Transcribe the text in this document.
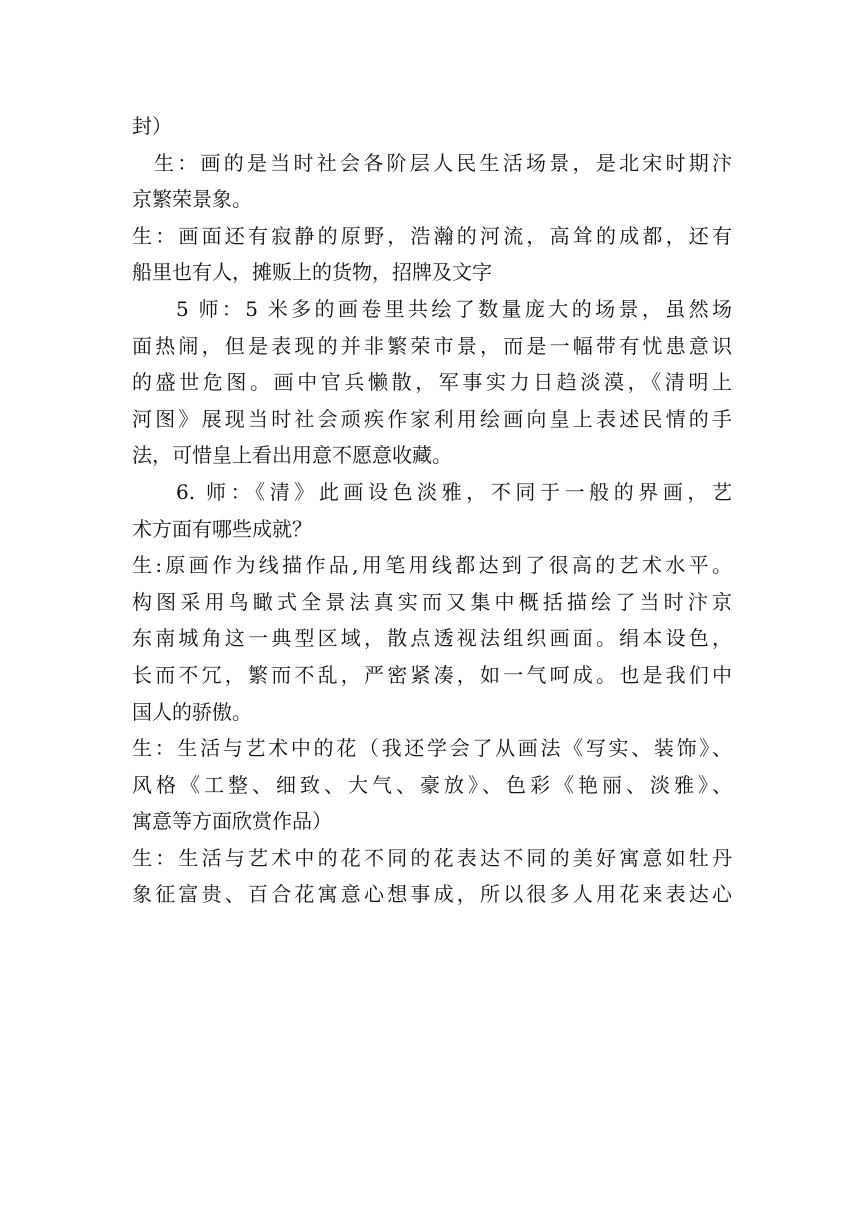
封）
生：画的是当时社会各阶层人民生活场景，是北宋时期汴
京繁荣景象。
生：画面还有寂静的原野，浩瀚的河流，高耸的成都，还有
船里也有人，摊贩上的货物，招牌及文字
5 师：5 米多的画卷里共绘了数量庞大的场景，虽然场
面热闹，但是表现的并非繁荣市景，而是一幅带有忧患意识
的盛世危图。画中官兵懒散，军事实力日趋淡漠，《清明上
河图》展现当时社会顽疾作家利用绘画向皇上表述民情的手
法，可惜皇上看出用意不愿意收藏。
6. 师：《清》此画设色淡雅，不同于一般的界画，艺
术方面有哪些成就？
生:原画作为线描作品,用笔用线都达到了很高的艺术水平。
构图采用鸟瞰式全景法真实而又集中概括描绘了当时汴京
东南城角这一典型区域，散点透视法组织画面。绢本设色，
长而不冗，繁而不乱，严密紧凑，如一气呵成。也是我们中
国人的骄傲。
生：生活与艺术中的花（我还学会了从画法《写实、装饰》、
风格《工整、细致、大气、豪放》、色彩《艳丽、淡雅》、
寓意等方面欣赏作品）
生：生活与艺术中的花不同的花表达不同的美好寓意如牡丹
象征富贵、百合花寓意心想事成，所以很多人用花来表达心
